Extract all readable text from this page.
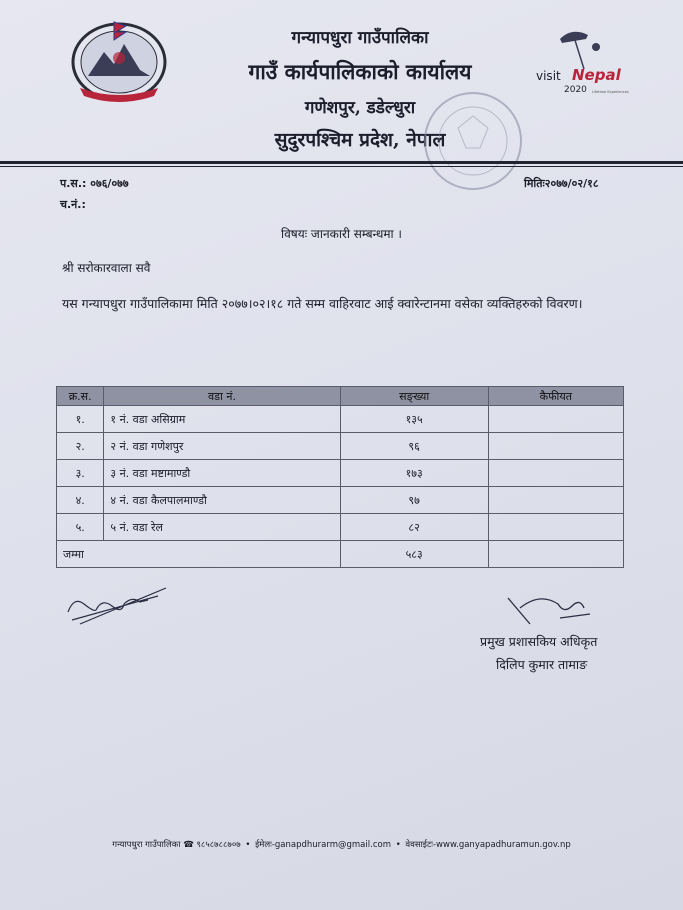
visit Nepal
2020 Lifetime Experiences
गन्यापधुरा गाउँपालिका
गाउँ कार्यपालिकाको कार्यालय
गणेशपुर, डडेल्धुरा
सुदुरपश्चिम प्रदेश, नेपाल
प.स.: ०७६/०७७	मितिः२०७७/०२/१८
च.नं.:
विषयः जानकारी सम्बन्धमा ।
श्री सरोकारवाला सवै
यस गन्यापधुरा गाउँपालिकामा मिति २०७७।०२।१८ गते सम्म वाहिरवाट आई क्वारेन्टानमा वसेका व्यक्तिहरुको विवरण।
क्र.स.	वडा नं.	सङ्ख्या	कैफीयत
१.	१ नं. वडा असिग्राम	१३५	
२.	२ नं. वडा गणेशपुर	९६	
३.	३ नं. वडा मष्टामाण्डौ	१७३	
४.	४ नं. वडा कैलपालमाण्डौ	९७	
५.	५ नं. वडा रेल	८२	
जम्मा		५८३	
प्रमुख प्रशासकिय अधिकृत
दिलिप कुमार तामाङ
गन्यापधुरा गाउँपालिका ☎ ९८५८७८८७०७ • ईमेलः-ganapdhurarm@gmail.com • वेवसाईटः-www.ganyapadhuramun.gov.np
